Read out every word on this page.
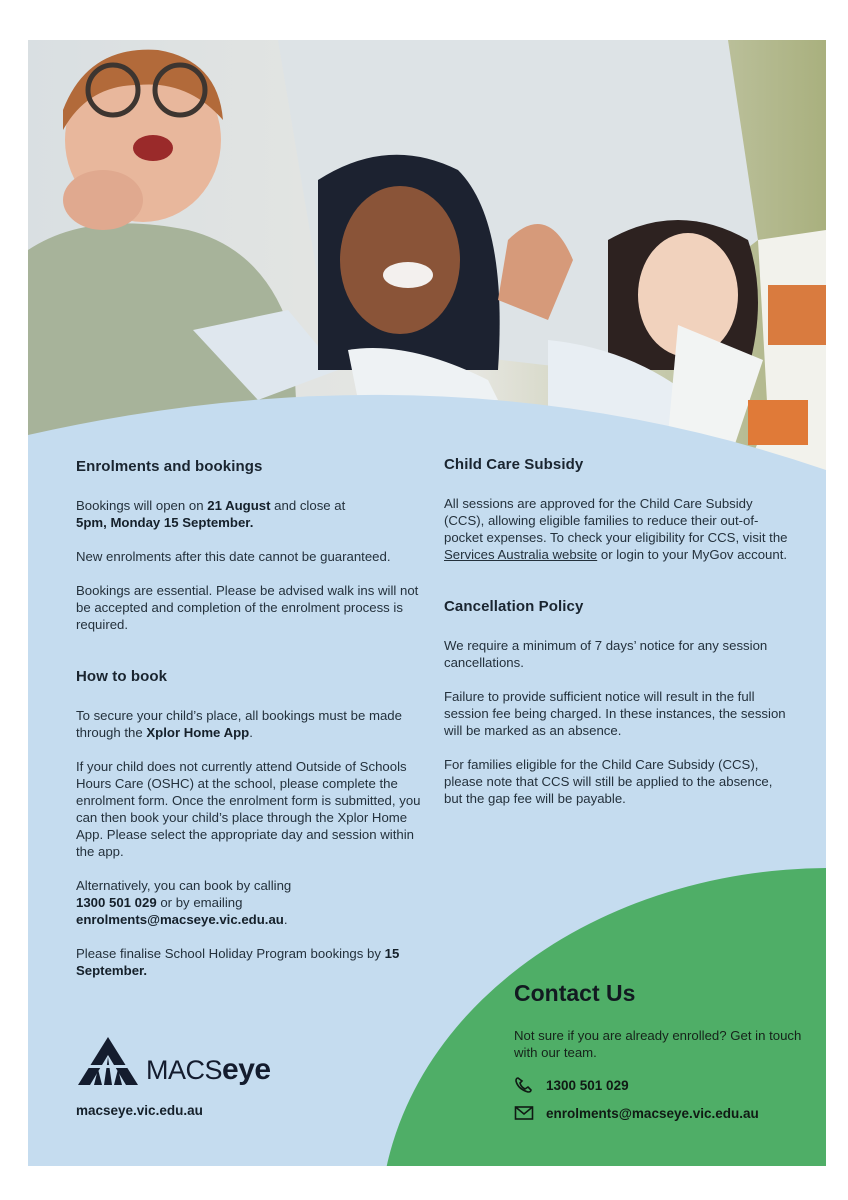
Enrolments and bookings

Bookings will open on 21 August and close at
5pm, Monday 15 September.

New enrolments after this date cannot be guaranteed.

Bookings are essential. Please be advised walk ins will not be accepted and completion of the enrolment process is required.

How to book

To secure your child’s place, all bookings must be made through the Xplor Home App.

If your child does not currently attend Outside of Schools Hours Care (OSHC) at the school, please complete the enrolment form. Once the enrolment form is submitted, you can then book your child’s place through the Xplor Home App. Please select the appropriate day and session within the app.

Alternatively, you can book by calling
1300 501 029 or by emailing
enrolments@macseye.vic.edu.au.

Please finalise School Holiday Program bookings by 15 September.

Child Care Subsidy

All sessions are approved for the Child Care Subsidy (CCS), allowing eligible families to reduce their out-of-pocket expenses. To check your eligibility for CCS, visit the Services Australia website or login to your MyGov account.

Cancellation Policy

We require a minimum of 7 days’ notice for any session cancellations.

Failure to provide sufficient notice will result in the full session fee being charged. In these instances, the session will be marked as an absence.

For families eligible for the Child Care Subsidy (CCS), please note that CCS will still be applied to the absence, but the gap fee will be payable.

MACSeye
macseye.vic.edu.au
Contact Us

Not sure if you are already enrolled? Get in touch with our team.

1300 501 029
enrolments@macseye.vic.edu.au
